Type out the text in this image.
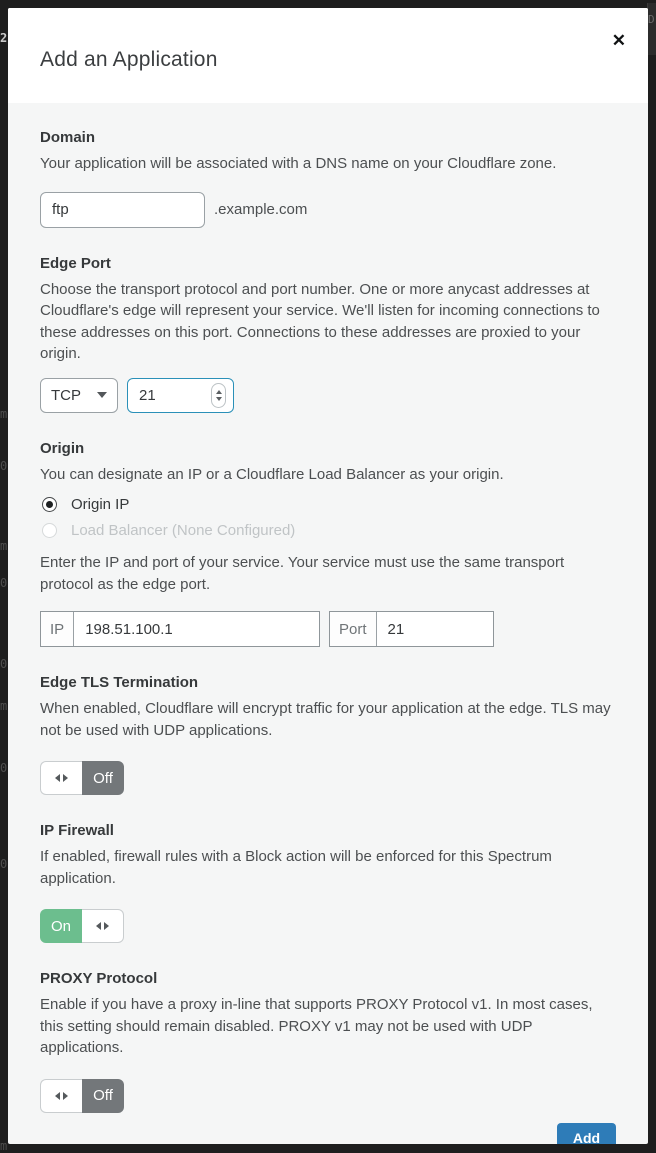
2
m
0
m
0
0
m
0
0
m
D
Add an Application
✕
Domain

Your application will be associated with a DNS name on your Cloudflare zone.

ftp
.example.com
Edge Port

Choose the transport protocol and port number. One or more anycast addresses at Cloudflare's edge will represent your service. We'll listen for incoming connections to these addresses on this port. Connections to these addresses are proxied to your origin.

TCP	21
Origin

You can designate an IP or a Cloudflare Load Balancer as your origin.

Origin IP
Load Balancer (None Configured)

Enter the IP and port of your service. Your service must use the same transport protocol as the edge port.

IP
198.51.100.1	Port
21
Edge TLS Termination

When enabled, Cloudflare will encrypt traffic for your application at the edge. TLS may not be used with UDP applications.

Off
IP Firewall

If enabled, firewall rules with a Block action will be enforced for this Spectrum application.

On
PROXY Protocol

Enable if you have a proxy in-line that supports PROXY Protocol v1. In most cases, this setting should remain disabled. PROXY v1 may not be used with UDP applications.

Off
Add
